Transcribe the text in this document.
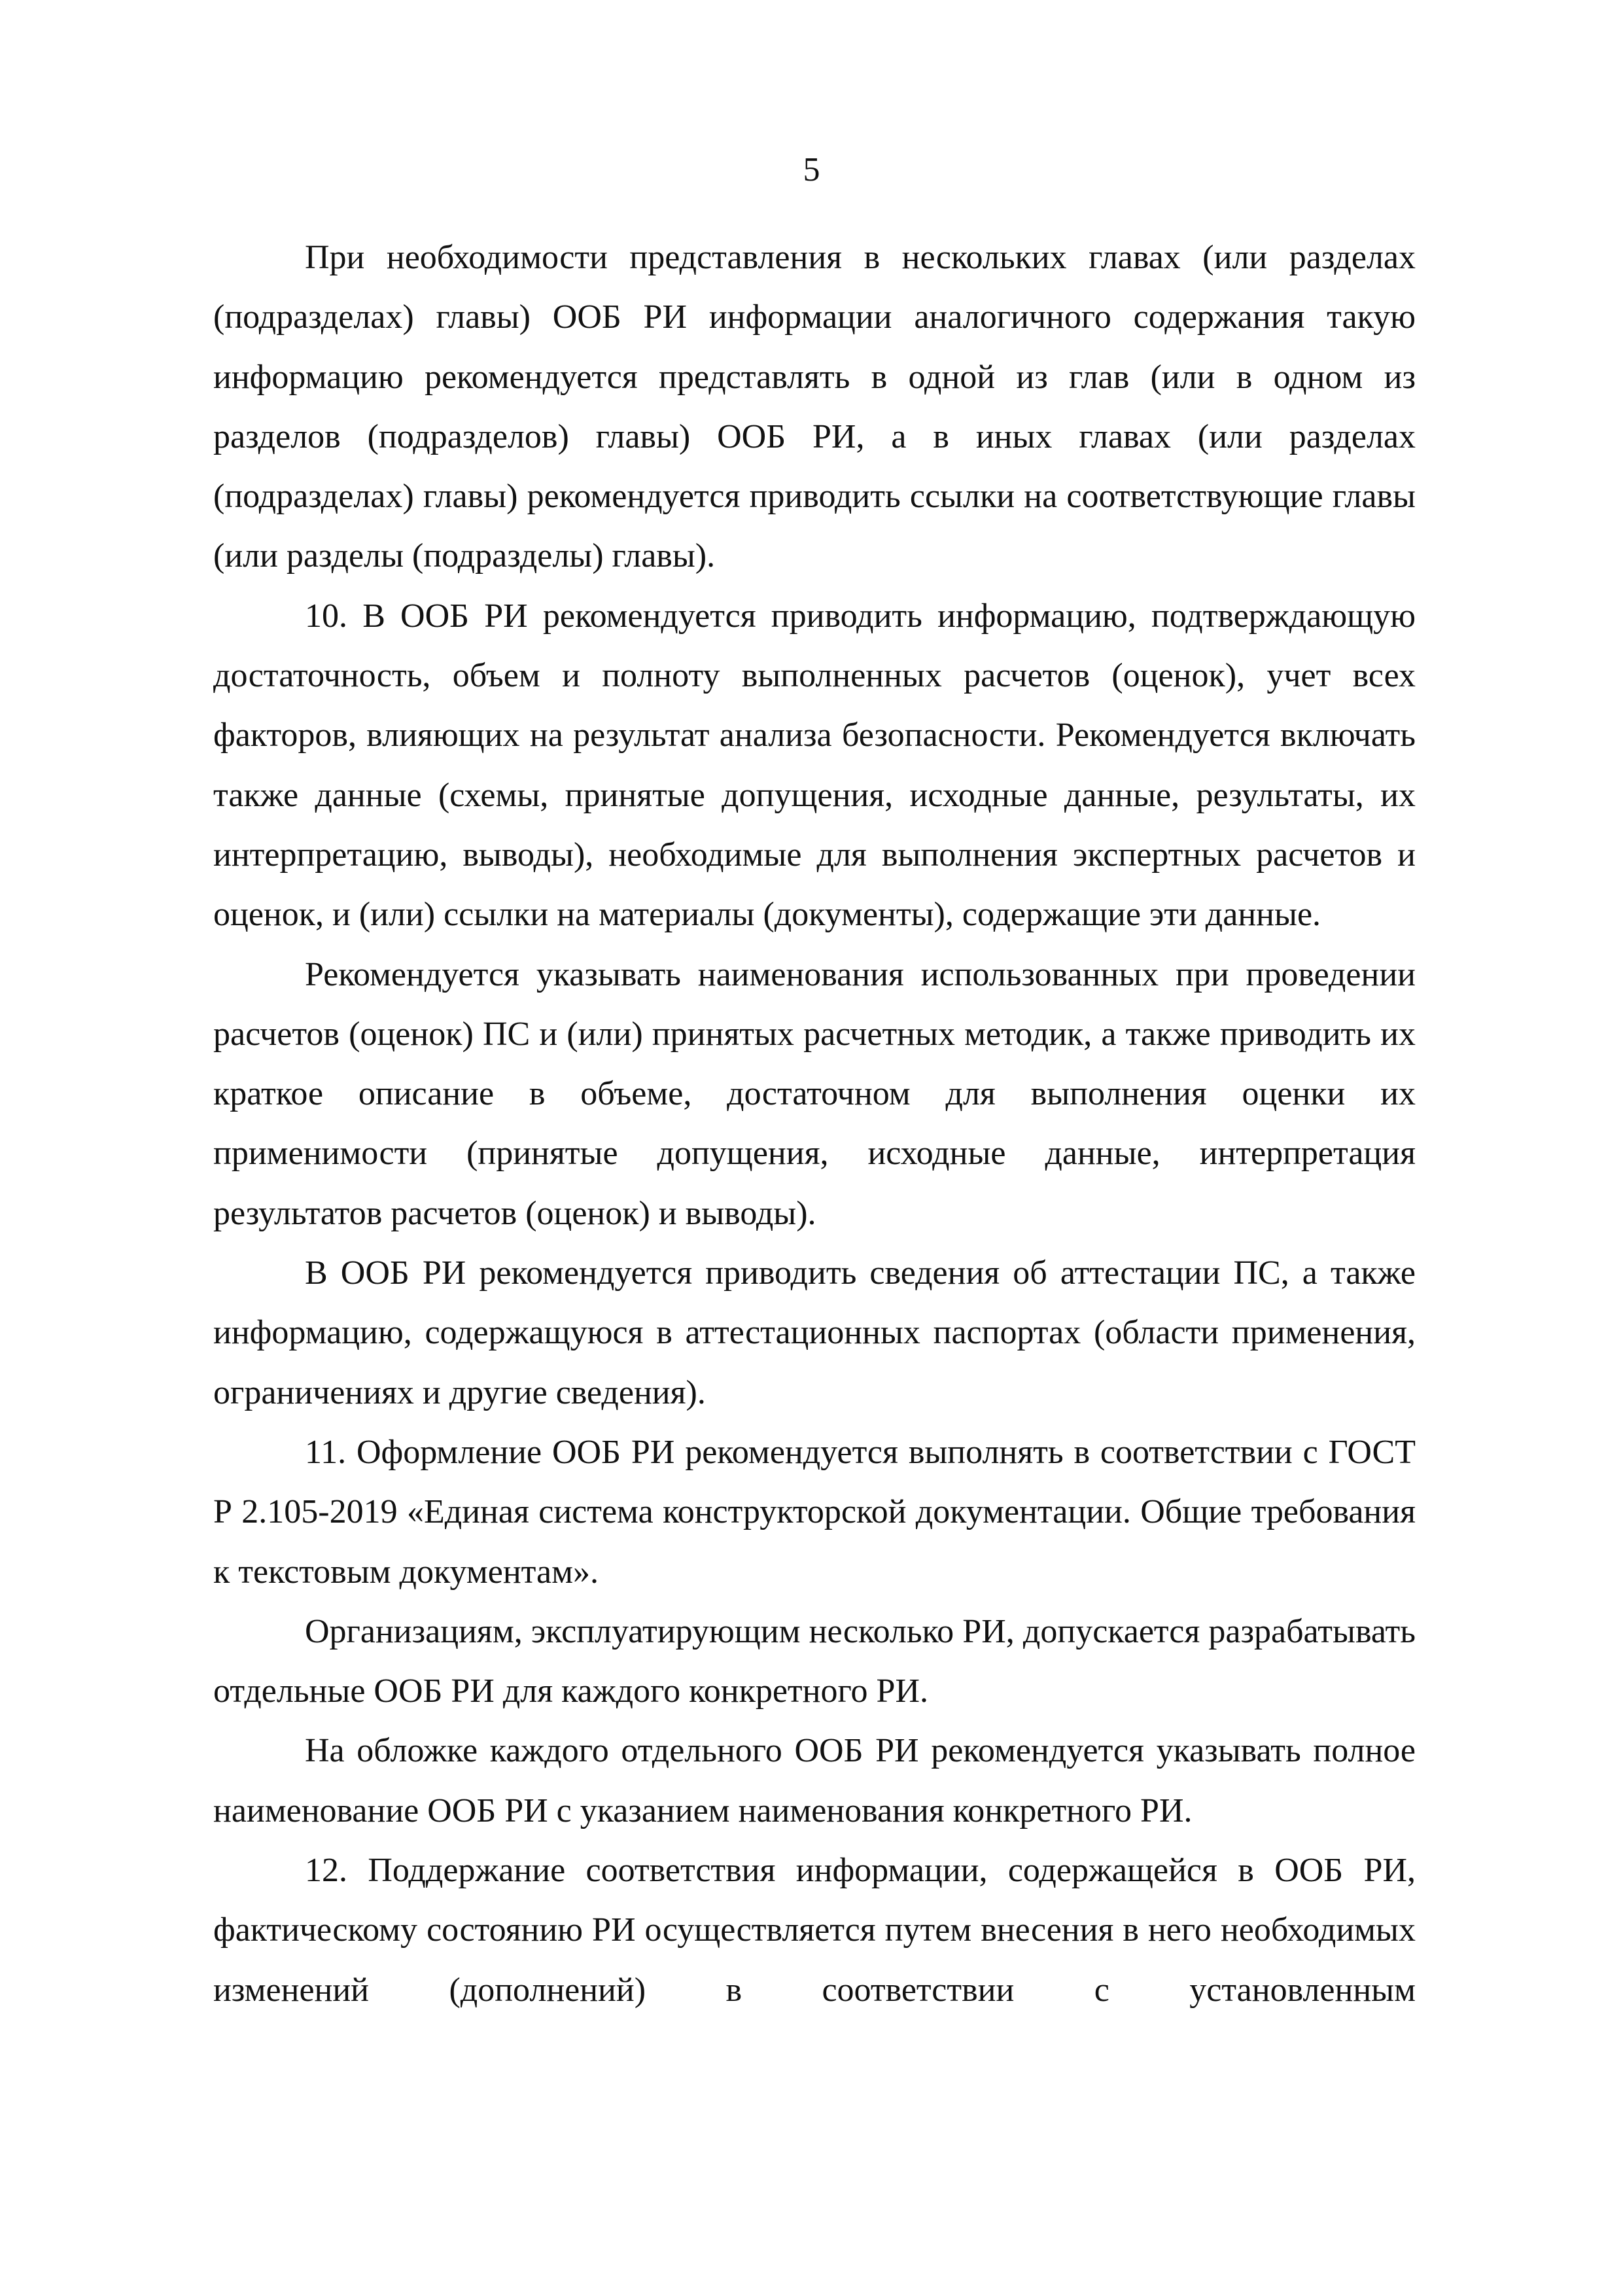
5

При необходимости представления в нескольких главах (или разделах (подразделах) главы) ООБ РИ информации аналогичного содержания такую информацию рекомендуется представлять в одной из глав (или в одном из разделов (подразделов) главы) ООБ РИ, а в иных главах (или разделах (подразделах) главы) рекомендуется приводить ссылки на соответствующие главы (или разделы (подразделы) главы).

10. В ООБ РИ рекомендуется приводить информацию, подтверждающую достаточность, объем и полноту выполненных расчетов (оценок), учет всех факторов, влияющих на результат анализа безопасности. Рекомендуется включать также данные (схемы, принятые допущения, исходные данные, результаты, их интерпретацию, выводы), необходимые для выполнения экспертных расчетов и оценок, и (или) ссылки на материалы (документы), содержащие эти данные.

Рекомендуется указывать наименования использованных при проведении расчетов (оценок) ПС и (или) принятых расчетных методик, а также приводить их краткое описание в объеме, достаточном для выполнения оценки их применимости (принятые допущения, исходные данные, интерпретация результатов расчетов (оценок) и выводы).

В ООБ РИ рекомендуется приводить сведения об аттестации ПС, а также информацию, содержащуюся в аттестационных паспортах (области применения, ограничениях и другие сведения).

11. Оформление ООБ РИ рекомендуется выполнять в соответствии с ГОСТ Р 2.105-2019 «Единая система конструкторской документации. Общие требования к текстовым документам».

Организациям, эксплуатирующим несколько РИ, допускается разрабатывать отдельные ООБ РИ для каждого конкретного РИ.

На обложке каждого отдельного ООБ РИ рекомендуется указывать полное наименование ООБ РИ с указанием наименования конкретного РИ.

12. Поддержание соответствия информации, содержащейся в ООБ РИ, фактическому состоянию РИ осуществляется путем внесения в него необходимых изменений (дополнений) в соответствии с установленным
